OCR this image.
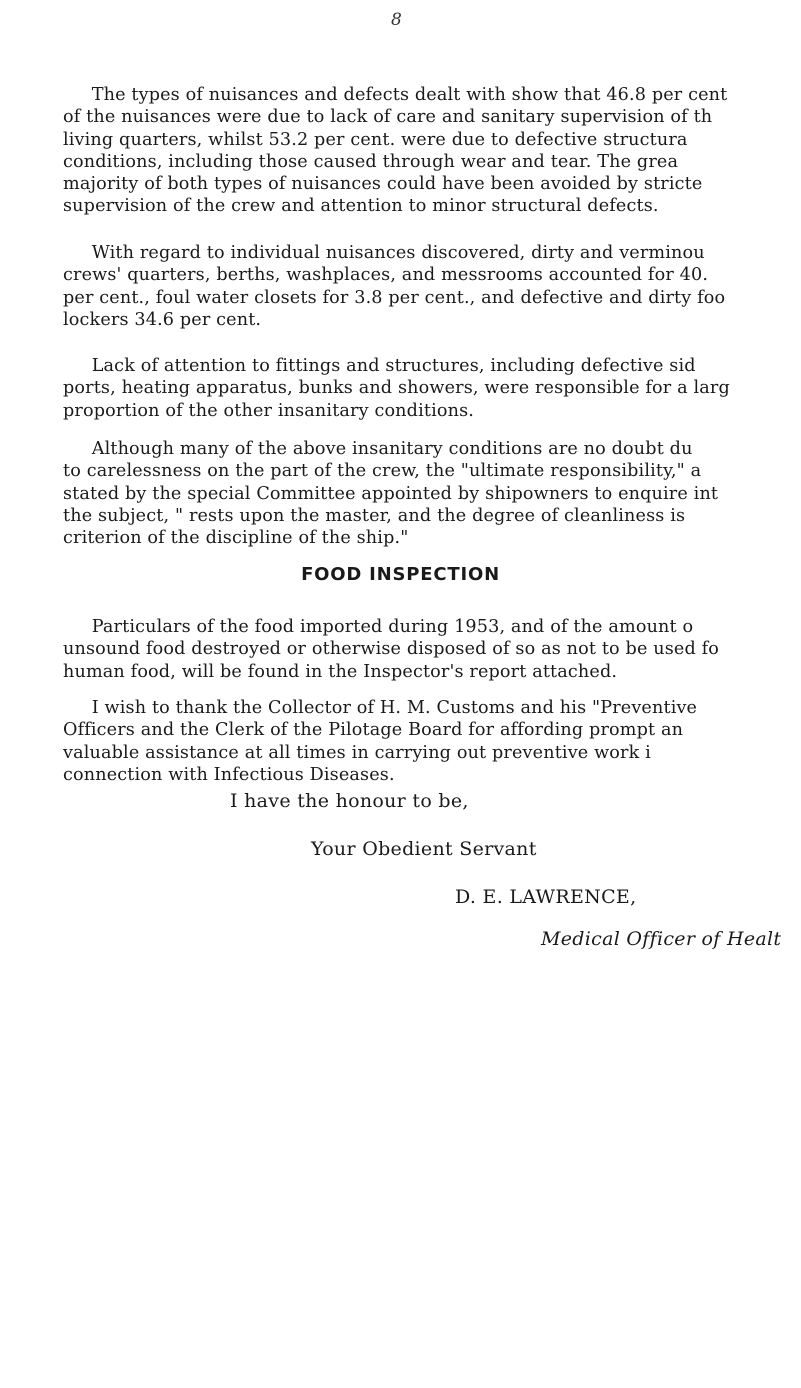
8
The types of nuisances and defects dealt with show that 46.8 per cent
of the nuisances were due to lack of care and sanitary supervision of th
living quarters, whilst 53.2 per cent. were due to defective structura
conditions, including those caused through wear and tear. The grea
majority of both types of nuisances could have been avoided by stricte
supervision of the crew and attention to minor structural defects.
With regard to individual nuisances discovered, dirty and verminou
crews' quarters, berths, washplaces, and messrooms accounted for 40.
per cent., foul water closets for 3.8 per cent., and defective and dirty foo
lockers 34.6 per cent.
Lack of attention to fittings and structures, including defective sid
ports, heating apparatus, bunks and showers, were responsible for a larg
proportion of the other insanitary conditions.
Although many of the above insanitary conditions are no doubt du
to carelessness on the part of the crew, the "ultimate responsibility," a
stated by the special Committee appointed by shipowners to enquire int
the subject, " rests upon the master, and the degree of cleanliness is
criterion of the discipline of the ship."
FOOD INSPECTION
Particulars of the food imported during 1953, and of the amount o
unsound food destroyed or otherwise disposed of so as not to be used fo
human food, will be found in the Inspector's report attached.
I wish to thank the Collector of H. M. Customs and his "Preventive
Officers and the Clerk of the Pilotage Board for affording prompt an
valuable assistance at all times in carrying out preventive work i
connection with Infectious Diseases.
I have the honour to be,
Your Obedient Servant
D. E. LAWRENCE,
Medical Officer of Healt
